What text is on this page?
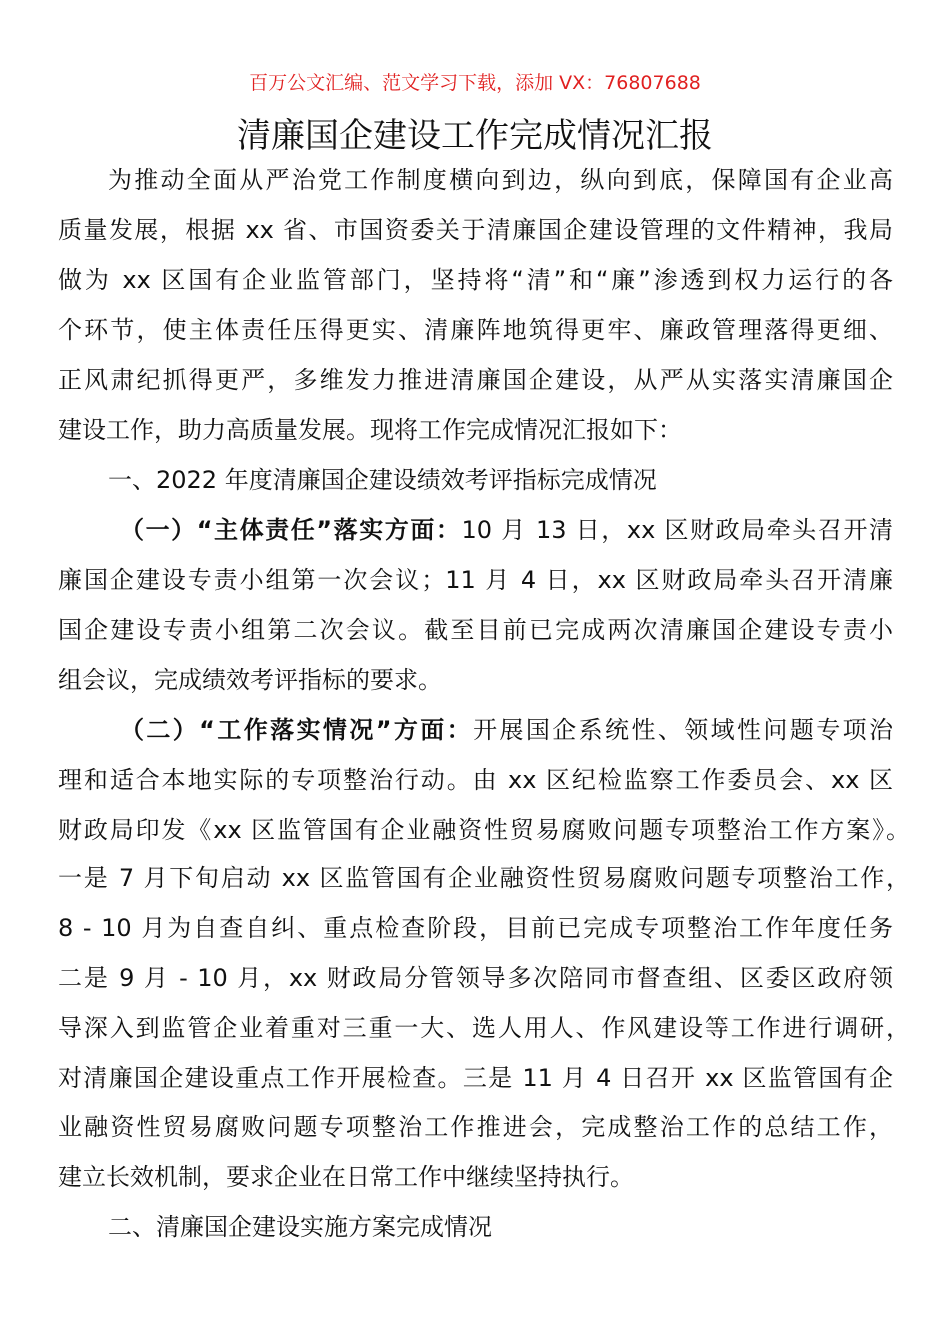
百万公文汇编、范文学习下载，添加 VX：76807688
清廉国企建设工作完成情况汇报
为推动全面从严治党工作制度横向到边，纵向到底，保障国有企业高
质量发展，根据 xx 省、市国资委关于清廉国企建设管理的文件精神，我局
做为 xx 区国有企业监管部门，坚持将“清”和“廉”渗透到权力运行的各
个环节，使主体责任压得更实、清廉阵地筑得更牢、廉政管理落得更细、
正风肃纪抓得更严，多维发力推进清廉国企建设，从严从实落实清廉国企
建设工作，助力高质量发展。现将工作完成情况汇报如下：
一、2022 年度清廉国企建设绩效考评指标完成情况
（一）“主体责任”落实方面：10 月 13 日，xx 区财政局牵头召开清
廉国企建设专责小组第一次会议；11 月 4 日，xx 区财政局牵头召开清廉
国企建设专责小组第二次会议。截至目前已完成两次清廉国企建设专责小
组会议，完成绩效考评指标的要求。
（二）“工作落实情况”方面：开展国企系统性、领域性问题专项治
理和适合本地实际的专项整治行动。由 xx 区纪检监察工作委员会、xx 区
财政局印发《xx 区监管国有企业融资性贸易腐败问题专项整治工作方案》。
一是 7 月下旬启动 xx 区监管国有企业融资性贸易腐败问题专项整治工作，
8 - 10 月为自查自纠、重点检查阶段，目前已完成专项整治工作年度任务
二是 9 月 - 10 月，xx 财政局分管领导多次陪同市督查组、区委区政府领
导深入到监管企业着重对三重一大、选人用人、作风建设等工作进行调研，
对清廉国企建设重点工作开展检查。三是 11 月 4 日召开 xx 区监管国有企
业融资性贸易腐败问题专项整治工作推进会，完成整治工作的总结工作，
建立长效机制，要求企业在日常工作中继续坚持执行。
二、清廉国企建设实施方案完成情况
